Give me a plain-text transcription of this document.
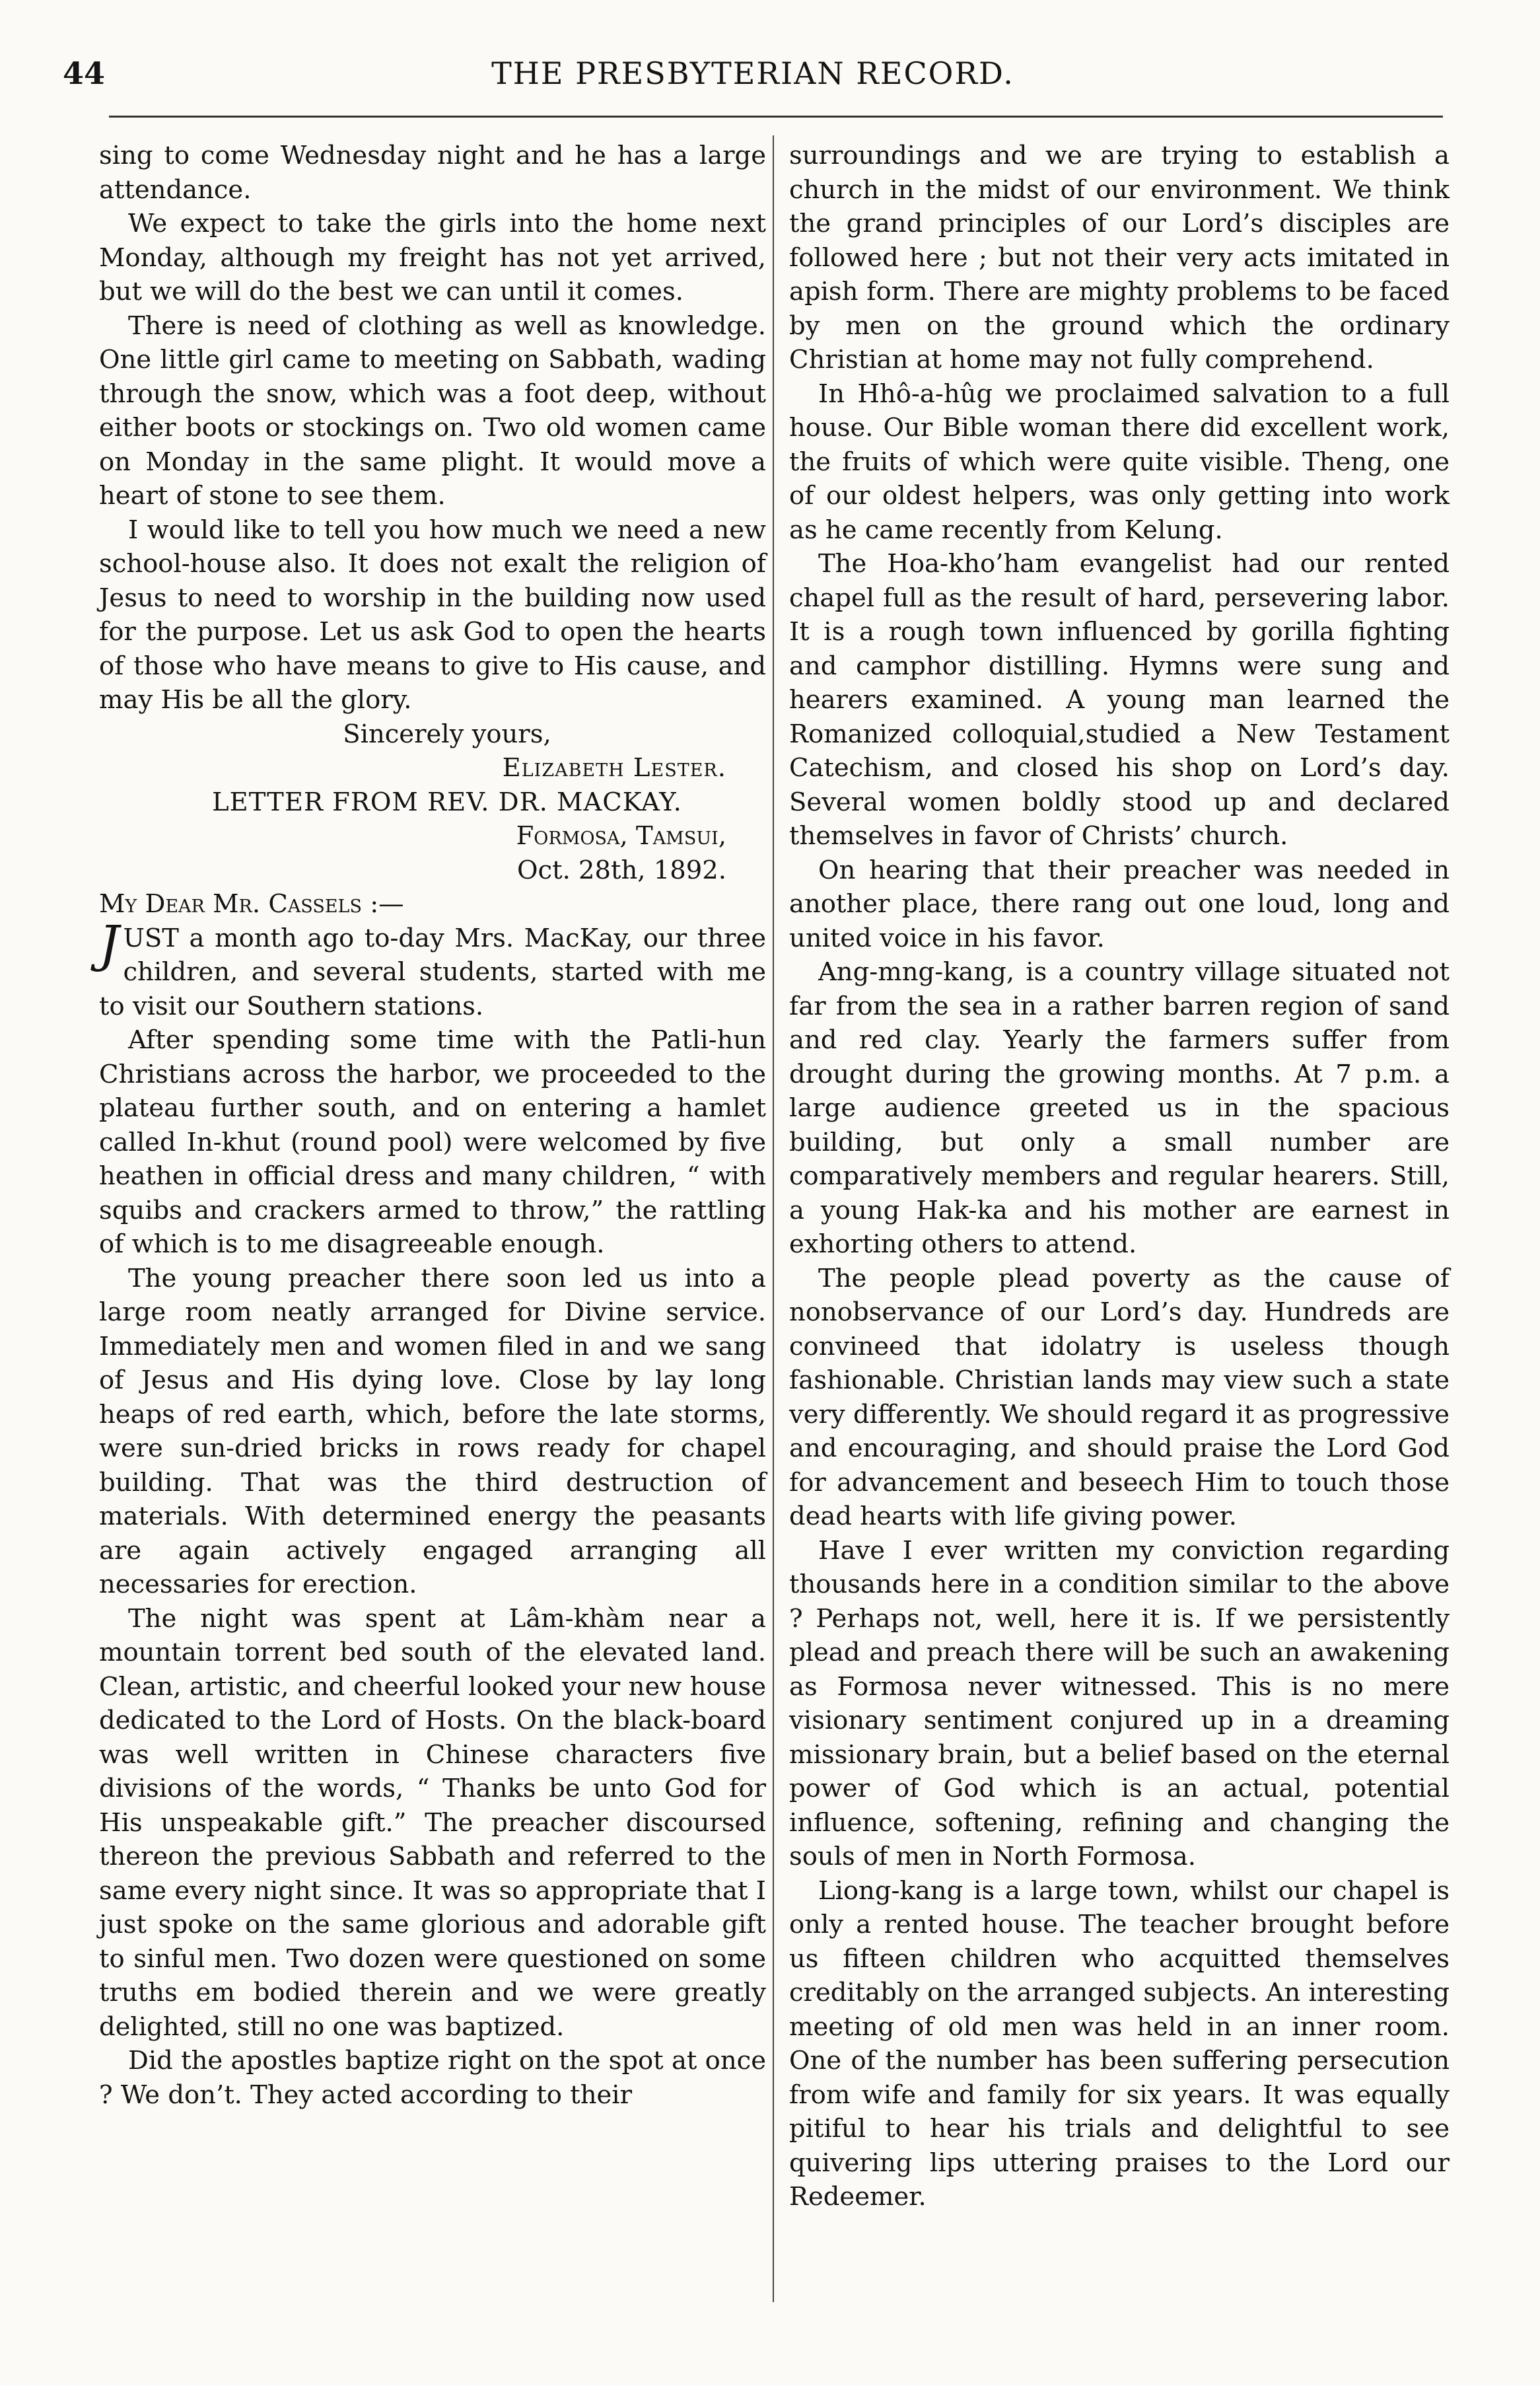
44	THE PRESBYTERIAN RECORD.

sing to come Wednesday night and he has a large attendance.

We expect to take the girls into the home next Monday, although my freight has not yet arrived, but we will do the best we can until it comes.

There is need of clothing as well as knowledge. One little girl came to meeting on Sabbath, wading through the snow, which was a foot deep, without either boots or stockings on. Two old women came on Monday in the same plight. It would move a heart of stone to see them.

I would like to tell you how much we need a new school-house also. It does not exalt the religion of Jesus to need to worship in the building now used for the purpose. Let us ask God to open the hearts of those who have means to give to His cause, and may His be all the glory.

Sincerely yours,

Elizabeth Lester.

LETTER FROM REV. DR. MACKAY.

Formosa, Tamsui,

Oct. 28th, 1892.

My Dear Mr. Cassels :—

JUST a month ago to-day Mrs. MacKay, our three children, and several students, started with me to visit our Southern stations.

After spending some time with the Patli-hun Christians across the harbor, we proceeded to the plateau further south, and on entering a hamlet called In-khut (round pool) were welcomed by five heathen in official dress and many children, “ with squibs and crackers armed to throw,” the rattling of which is to me disagreeable enough.

The young preacher there soon led us into a large room neatly arranged for Divine service. Immediately men and women filed in and we sang of Jesus and His dying love. Close by lay long heaps of red earth, which, before the late storms, were sun-dried bricks in rows ready for chapel building. That was the third destruction of materials. With determined energy the peasants are again actively engaged arranging all necessaries for erection.

The night was spent at Lâm-khàm near a mountain torrent bed south of the elevated land. Clean, artistic, and cheerful looked your new house dedicated to the Lord of Hosts. On the black-board was well written in Chinese characters five divisions of the words, “ Thanks be unto God for His unspeakable gift.” The preacher discoursed thereon the previous Sabbath and referred to the same every night since. It was so appropriate that I just spoke on the same glorious and adorable gift to sinful men. Two dozen were questioned on some truths em bodied therein and we were greatly delighted, still no one was baptized.

Did the apostles baptize right on the spot at once ? We don’t. They acted according to their

surroundings and we are trying to establish a church in the midst of our environment. We think the grand principles of our Lord’s disciples are followed here ; but not their very acts imitated in apish form. There are mighty problems to be faced by men on the ground which the ordinary Christian at home may not fully comprehend.

In Hhô-a-hûg we proclaimed salvation to a full house. Our Bible woman there did excellent work, the fruits of which were quite visible. Theng, one of our oldest helpers, was only getting into work as he came recently from Kelung.

The Hoa-kho’ham evangelist had our rented chapel full as the result of hard, persevering labor. It is a rough town influenced by gorilla fighting and camphor distilling. Hymns were sung and hearers examined. A young man learned the Romanized colloquial,studied a New Testament Catechism, and closed his shop on Lord’s day. Several women boldly stood up and declared themselves in favor of Christs’ church.

On hearing that their preacher was needed in another place, there rang out one loud, long and united voice in his favor.

Ang-mng-kang, is a country village situated not far from the sea in a rather barren region of sand and red clay. Yearly the farmers suffer from drought during the growing months. At 7 p.m. a large audience greeted us in the spacious building, but only a small number are comparatively members and regular hearers. Still, a young Hak-ka and his mother are earnest in exhorting others to attend.

The people plead poverty as the cause of nonobservance of our Lord’s day. Hundreds are convineed that idolatry is useless though fashionable. Christian lands may view such a state very differently. We should regard it as progressive and encouraging, and should praise the Lord God for advancement and beseech Him to touch those dead hearts with life giving power.

Have I ever written my conviction regarding thousands here in a condition similar to the above ? Perhaps not, well, here it is. If we persistently plead and preach there will be such an awakening as Formosa never witnessed. This is no mere visionary sentiment conjured up in a dreaming missionary brain, but a belief based on the eternal power of God which is an actual, potential influence, softening, refining and changing the souls of men in North Formosa.

Liong-kang is a large town, whilst our chapel is only a rented house. The teacher brought before us fifteen children who acquitted themselves creditably on the arranged subjects. An interesting meeting of old men was held in an inner room. One of the number has been suffering persecution from wife and family for six years. It was equally pitiful to hear his trials and delightful to see quivering lips uttering praises to the Lord our Redeemer.
